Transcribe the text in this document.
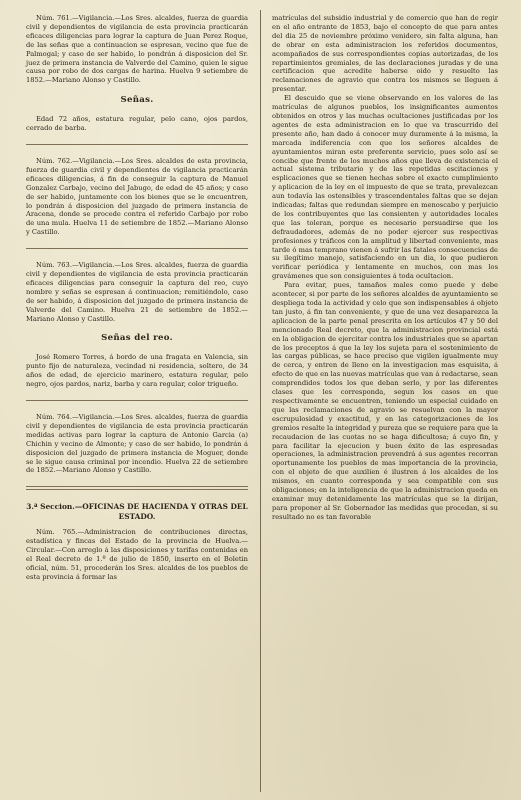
Núm. 761.—Vigilancia.—Los Sres. alcaldes, fuerza de guardia civil y dependientes de vigilancia de esta provincia practicarán eficaces diligencias para lograr la captura de Juan Perez Roque, de las señas que a continuacion se espresan, vecino que fue de Palmogal; y caso de ser habido, lo pondrán á disposicion del Sr. juez de primera instancia de Valverde del Camino, quien le sigue causa por robo de dos cargas de harina. Huelva 9 setiembre de 1852.—Mariano Alonso y Castillo.

Señas.

Edad 72 años, estatura regular, pelo cano, ojos pardos, cerrado de barba.

Núm. 762.—Vigilancia.—Los Sres. alcaldes de esta provincia, fuerza de guardia civil y dependientes de vigilancia practicarán eficaces diligencias, á fin de conseguir la captura de Manuel Gonzalez Carbajo, vecino del Jabugo, de edad de 45 años; y caso de ser habido, juntamente con los bienes que se le encuentren, lo pondrán á disposicion del juzgado de primera instancia de Aracena, donde se procede contra el referido Carbajo por robo de una mula. Huelva 11 de setiembre de 1852.—Mariano Alonso y Castillo.

Núm. 763.—Vigilancia.—Los Sres. alcaldes, fuerza de guardia civil y dependientes de vigilancia de esta provincia practicarán eficaces diligencias para conseguir la captura del reo, cuyo nombre y señas se espresan á continuacion; remitiéndolo, caso de ser habido, á disposicion del juzgado de primera instancia de Valverde del Camino. Huelva 21 de setiembre de 1852.—Mariano Alonso y Castillo.

Señas del reo.

José Romero Torres, á bordo de una fragata en Valencia, sin punto fijo de naturaleza, vecindad ni residencia, soltero, de 34 años de edad, de ejercicio marinero, estatura regular, pelo negro, ojos pardos, nariz, barba y cara regular, color trigueño.

Núm. 764.—Vigilancia.—Los Sres. alcaldes, fuerza de guardia civil y dependientes de vigilancia de esta provincia practicarán medidas activas para lograr la captura de Antonio Garcia (a) Chichin y vecino de Almonte; y caso de ser habido, lo pondrán á disposicion del juzgado de primera instancia de Moguer, donde se le sigue causa criminal por incendio. Huelva 22 de setiembre de 1852.—Mariano Alonso y Castillo.

3.ª Seccion.—OFICINAS DE HACIENDA Y OTRAS DEL ESTADO.

Núm. 765.—Administracion de contribuciones directas, estadística y fincas del Estado de la provincia de Huelva.—Circular.—Con arreglo á las disposiciones y tarifas contenidas en el Real decreto de 1.º de julio de 1850, inserto en el Boletin oficial, núm. 51, procederán los Sres. alcaldes de los pueblos de esta provincia á formar las

matrículas del subsidio industrial y de comercio que han de regir en el año entrante de 1853, bajo el concepto de que para antes del dia 25 de noviembre próximo venidero, sin falta alguna, han de obrar en esta administracion los referidos documentos, acompañados de sus correspondientes copias autorizadas, de los repartimientos gremiales, de las declaraciones juradas y de una certificacion que acredite haberse oido y resuelto las reclamaciones de agravio que contra los mismos se lleguen á presentar.

El descuido que se viene observando en los valores de las matrículas de algunos pueblos, los insignificantes aumentos obtenidos en otros y las muchas ocultaciones justificadas por los agentes de esta administracion en lo que va trascurrido del presente año, han dado á conocer muy duramente á la misma, la marcada indiferencia con que los señores alcaldes de ayuntamientos miran este preferente servicio, pues solo así se concibe que frente de los muchos años que lleva de existencia el actual sistema tributario y de las repetidas escitaciones y esplicaciones que se tienen hechas sobre el exacto cumplimiento y aplicacion de la ley en el impuesto de que se trata, prevalezcan aun todavía las ostensibles y trascendentales faltas que se dejan indicadas; faltas que redundan siempre en menoscabo y perjuicio de los contribuyentes que las consienten y autoridades locales que las toleran, porque es necesario persuadirse que los defraudadores, además de no poder ejercer sus respectivas profesiones y tráficos con la amplitud y libertad conveniente, mas tarde ó mas temprano vienen á sufrir las fatales consecuencias de su ilegítimo manejo, satisfaciendo en un dia, lo que pudieron verificar periódica y lentamente en muchos, con mas los gravámenes que son consiguientes á toda ocultacion.

Para evitar, pues, tamaños males como puede y debe acontecer, si por parte de los señores alcaldes de ayuntamiento se despliega toda la actividad y celo que son indispensables á objeto tan justo, á fin tan conveniente, y que de una vez desaparezca la aplicacion de la parte penal prescrita en los artículos 47 y 50 del mencionado Real decreto, que la administracion provincial está en la obligacion de ejercitar contra los industriales que se apartan de los preceptos á que la ley los sujeta para el sostenimiento de las cargas públicas, se hace preciso que vigilen igualmente muy de cerca, y entren de lleno en la investigacion mas esquisita, á efecto de que en las nuevas matrículas que van á redactarse, sean comprendidos todos los que deban serlo, y por las diferentes clases que les corresponda, segun los casos en que respectivamente se encuentren, teniendo un especial cuidado en que las reclamaciones de agravio se resuelvan con la mayor escrupulosidad y exactitud, y en las categorizaciones de los gremios resalte la integridad y pureza que se requiere para que la recaudacion de las cuotas no se haga dificultosa; á cuyo fin, y para facilitar la ejecucion y buen éxito de las espresadas operaciones, la administracion prevendrá á sus agentes recorran oportunamente los pueblos de mas importancia de la provincia, con el objeto de que auxilien é ilustren á los alcaldes de los mismos, en cuanto corresponda y sea compatible con sus obligaciones; en la inteligencia de que la administracion queda en examinar muy detenidamente las matrículas que se la dirijan, para proponer al Sr. Gobernador las medidas que procedan, si su resultado no es tan favorable
